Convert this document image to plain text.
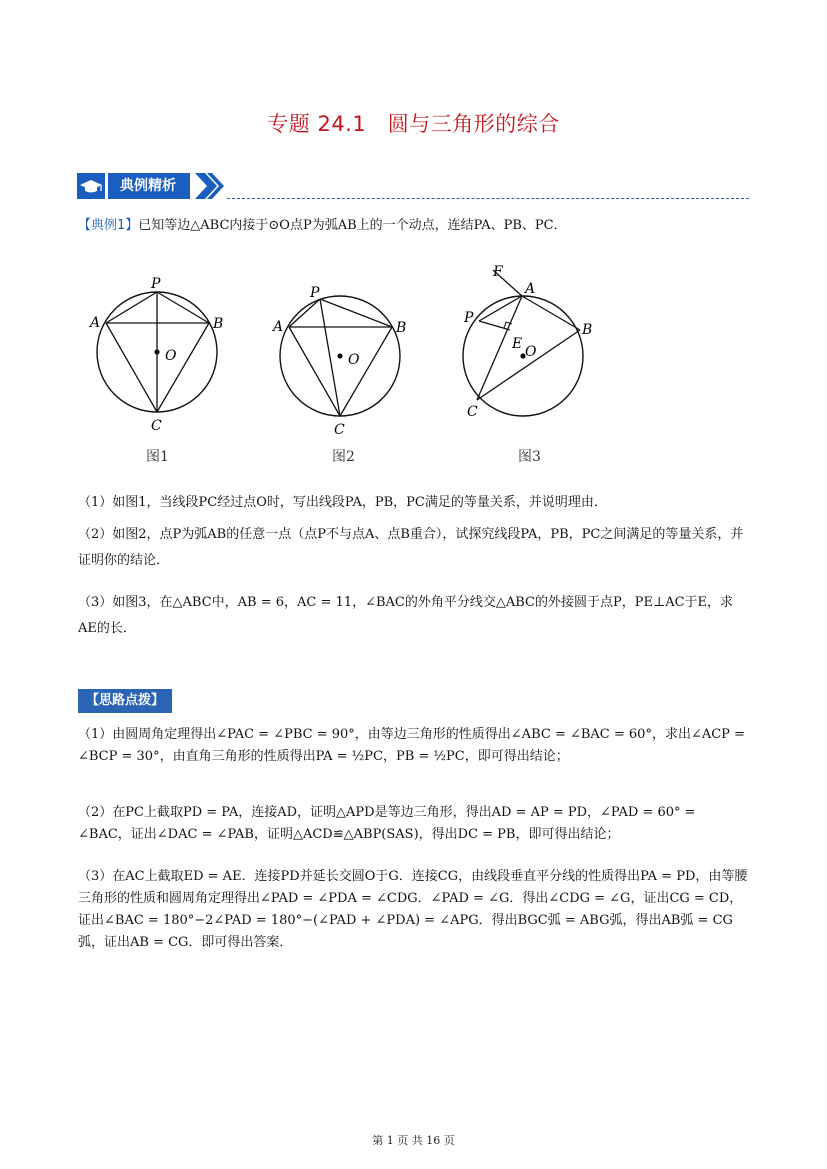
专题 24.1　圆与三角形的综合
典例精析
【典例1】已知等边△ABC内接于⊙O点P为弧AB上的一个动点，连结PA、PB、PC．
P
A	B
O
C
图1
P
A	B
O
C
图2
F
A
P
B
E O
C
图3
（1）如图1，当线段PC经过点O时，写出线段PA，PB，PC满足的等量关系，并说明理由．
（2）如图2，点P为弧AB的任意一点（点P不与点A、点B重合），试探究线段PA，PB，PC之间满足的等量关系，并证明你的结论．
（3）如图3，在△ABC中，AB = 6，AC = 11，∠BAC的外角平分线交△ABC的外接圆于点P，PE⊥AC于E，求AE的长．
【思路点拨】
（1）由圆周角定理得出∠PAC = ∠PBC = 90°，由等边三角形的性质得出∠ABC = ∠BAC = 60°，求出∠ACP = ∠BCP = 30°，由直角三角形的性质得出PA = ½PC，PB = ½PC，即可得出结论；
（2）在PC上截取PD = PA，连接AD，证明△APD是等边三角形，得出AD = AP = PD，∠PAD = 60° = ∠BAC，证出∠DAC = ∠PAB，证明△ACD≌△ABP(SAS)，得出DC = PB，即可得出结论；
（3）在AC上截取ED = AE．连接PD并延长交圆O于G．连接CG，由线段垂直平分线的性质得出PA = PD，由等腰三角形的性质和圆周角定理得出∠PAD = ∠PDA = ∠CDG．∠PAD = ∠G．得出∠CDG = ∠G，证出CG = CD，证出∠BAC = 180°−2∠PAD = 180°−(∠PAD + ∠PDA) = ∠APG．得出BGC弧 = ABG弧，得出AB弧 = CG弧，证出AB = CG．即可得出答案．
第 1 页 共 16 页
